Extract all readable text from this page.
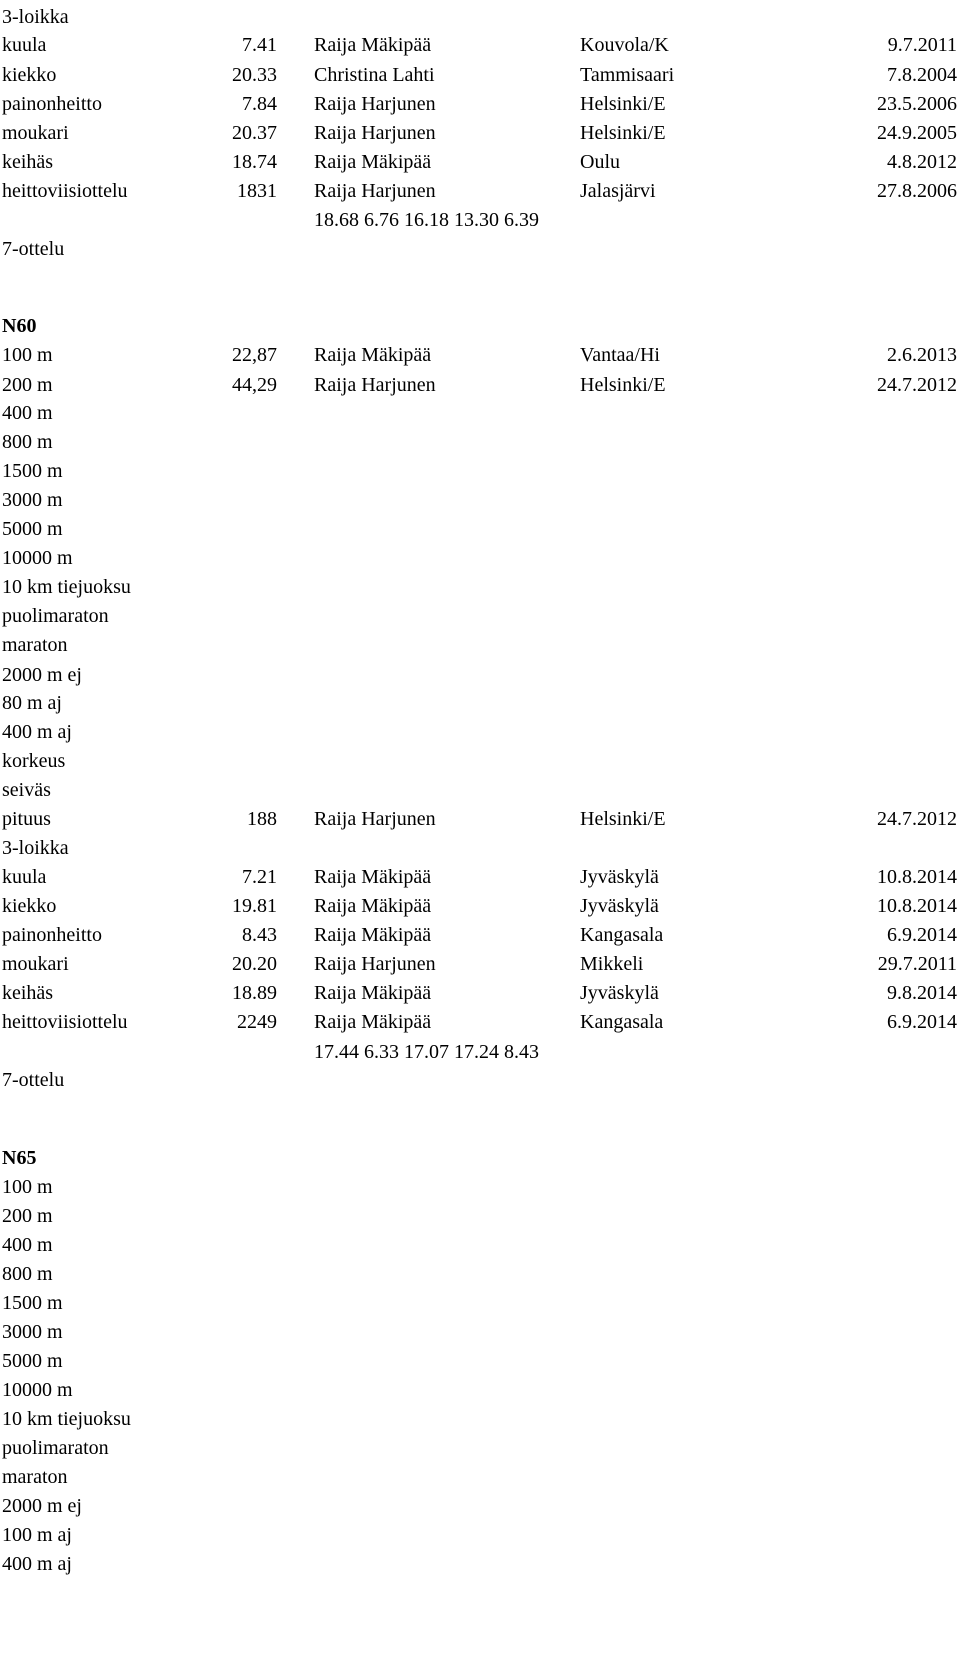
3-loikka
kuula	7.41 Raija Mäkipää	Kouvola/K	9.7.2011
kiekko	20.33 Christina Lahti	Tammisaari	7.8.2004
painonheitto	7.84 Raija Harjunen	Helsinki/E	23.5.2006
moukari	20.37 Raija Harjunen	Helsinki/E	24.9.2005
keihäs	18.74 Raija Mäkipää	Oulu	4.8.2012
heittoviisiottelu	1831 Raija Harjunen	Jalasjärvi	27.8.2006
18.68 6.76 16.18 13.30 6.39
7-ottelu
N60
100 m	22,87 Raija Mäkipää	Vantaa/Hi	2.6.2013
200 m	44,29 Raija Harjunen	Helsinki/E	24.7.2012
400 m
800 m
1500 m
3000 m
5000 m
10000 m
10 km tiejuoksu
puolimaraton
maraton
2000 m ej
80 m aj
400 m aj
korkeus
seiväs
pituus	188 Raija Harjunen	Helsinki/E	24.7.2012
3-loikka
kuula	7.21 Raija Mäkipää	Jyväskylä	10.8.2014
kiekko	19.81 Raija Mäkipää	Jyväskylä	10.8.2014
painonheitto	8.43 Raija Mäkipää	Kangasala	6.9.2014
moukari	20.20 Raija Harjunen	Mikkeli	29.7.2011
keihäs	18.89 Raija Mäkipää	Jyväskylä	9.8.2014
heittoviisiottelu	2249 Raija Mäkipää	Kangasala	6.9.2014
17.44 6.33 17.07 17.24 8.43
7-ottelu
N65
100 m
200 m
400 m
800 m
1500 m
3000 m
5000 m
10000 m
10 km tiejuoksu
puolimaraton
maraton
2000 m ej
100 m aj
400 m aj
